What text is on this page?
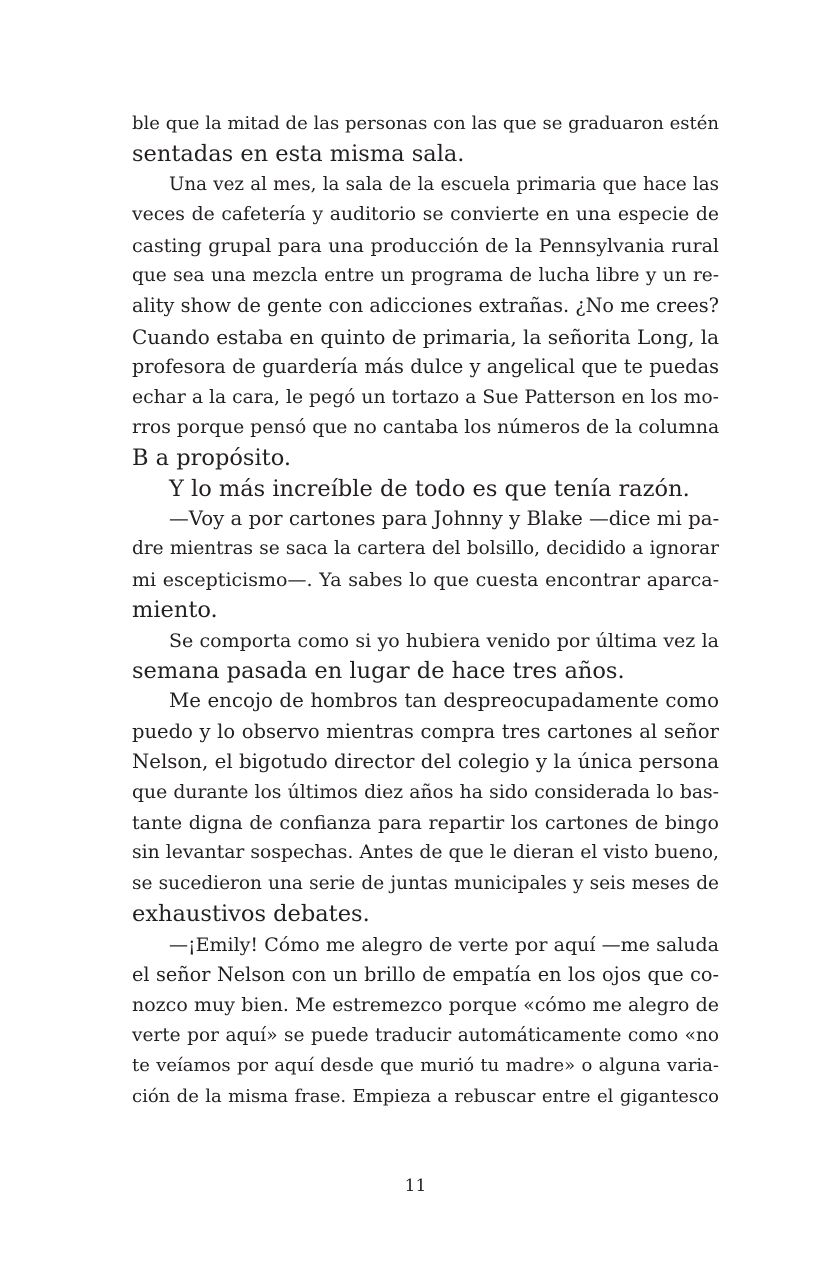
ble que la mitad de las personas con las que se graduaron estén
sentadas en esta misma sala.
Una vez al mes, la sala de la escuela primaria que hace las
veces de cafetería y auditorio se convierte en una especie de
casting grupal para una producción de la Pennsylvania rural
que sea una mezcla entre un programa de lucha libre y un re-
ality show de gente con adicciones extrañas. ¿No me crees?
Cuando estaba en quinto de primaria, la señorita Long, la
profesora de guardería más dulce y angelical que te puedas
echar a la cara, le pegó un tortazo a Sue Patterson en los mo-
rros porque pensó que no cantaba los números de la columna
B a propósito.
Y lo más increíble de todo es que tenía razón.
—Voy a por cartones para Johnny y Blake —dice mi pa-
dre mientras se saca la cartera del bolsillo, decidido a ignorar
mi escepticismo—. Ya sabes lo que cuesta encontrar aparca-
miento.
Se comporta como si yo hubiera venido por última vez la
semana pasada en lugar de hace tres años.
Me encojo de hombros tan despreocupadamente como
puedo y lo observo mientras compra tres cartones al señor
Nelson, el bigotudo director del colegio y la única persona
que durante los últimos diez años ha sido considerada lo bas-
tante digna de confianza para repartir los cartones de bingo
sin levantar sospechas. Antes de que le dieran el visto bueno,
se sucedieron una serie de juntas municipales y seis meses de
exhaustivos debates.
—¡Emily! Cómo me alegro de verte por aquí —me saluda
el señor Nelson con un brillo de empatía en los ojos que co-
nozco muy bien. Me estremezco porque «cómo me alegro de
verte por aquí» se puede traducir automáticamente como «no
te veíamos por aquí desde que murió tu madre» o alguna varia-
ción de la misma frase. Empieza a rebuscar entre el gigantesco
11
